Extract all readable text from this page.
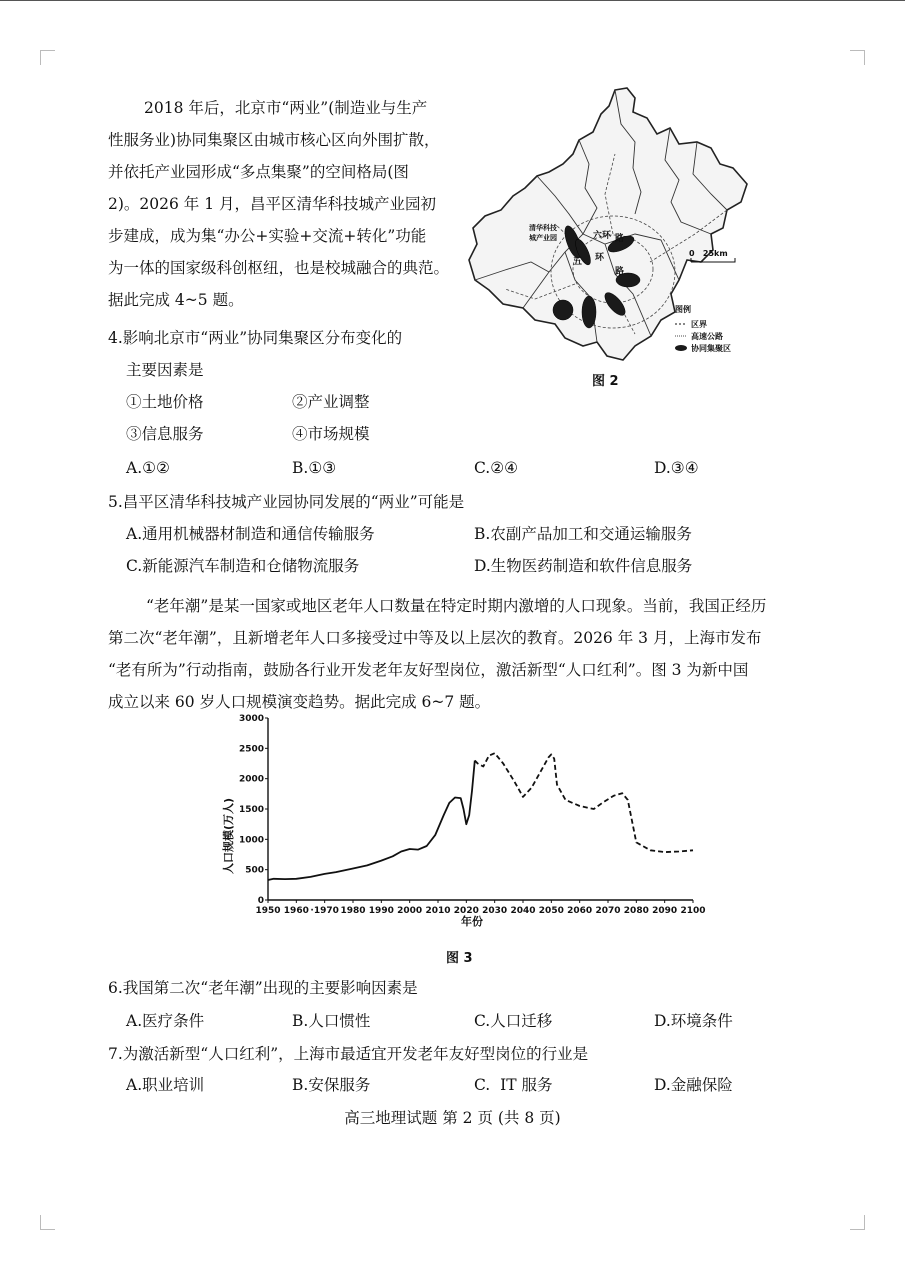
2018 年后，北京市“两业”(制造业与生产
性服务业)协同集聚区由城市核心区向外围扩散，
并依托产业园形成“多点集聚”的空间格局(图
2)。2026 年 1 月，昌平区清华科技城产业园初
步建成，成为集“办公+实验+交流+转化”功能
为一体的国家级科创枢纽，也是校城融合的典范。
据此完成 4~5 题。
清华科技
城产业园	六 环 路
五 环
路
0   25km
图例
区界
高速公路
协同集聚区
图 2
4.影响北京市“两业”协同集聚区分布变化的
主要因素是
①土地价格	②产业调整
③信息服务	④市场规模
A.①②	B.①③	C.②④	D.③④
5.昌平区清华科技城产业园协同发展的“两业”可能是
A.通用机械器材制造和通信传输服务	B.农副产品加工和交通运输服务
C.新能源汽车制造和仓储物流服务	D.生物医药制造和软件信息服务
“老年潮”是某一国家或地区老年人口数量在特定时期内激增的人口现象。当前，我国正经历
第二次“老年潮”，且新增老年人口多接受过中等及以上层次的教育。2026 年 3 月，上海市发布
“老有所为”行动指南，鼓励各行业开发老年友好型岗位，激活新型“人口红利”。图 3 为新中国
成立以来 60 岁人口规模演变趋势。据此完成 6~7 题。
0
500
1000
1500
2000
2500
3000
1950 1960 ·1970 1980 1990 2000 2010 2020 2030 2040 2050 2060 2070 2080 2090 2100
人口规模(万人)
年份
图 3
6.我国第二次“老年潮”出现的主要影响因素是
A.医疗条件	B.人口惯性	C.人口迁移	D.环境条件
7.为激活新型“人口红利”，上海市最适宜开发老年友好型岗位的行业是
A.职业培训	B.安保服务	C.  IT 服务	D.金融保险
高三地理试题 第 2 页 (共 8 页)
